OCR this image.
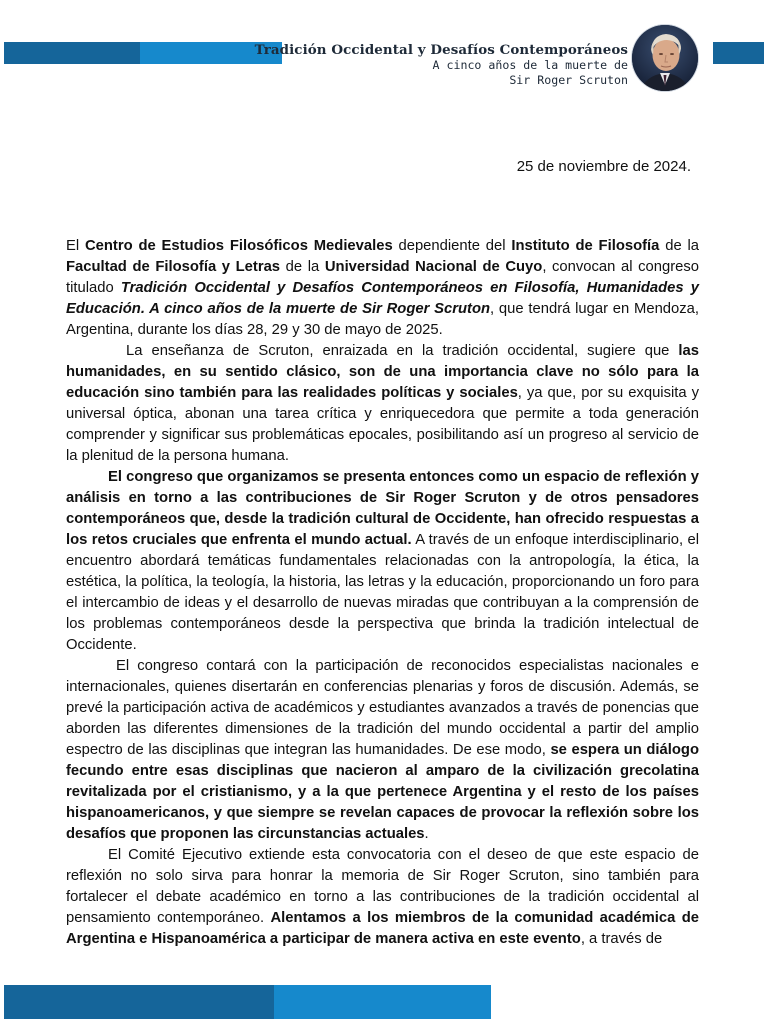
Tradición Occidental y Desafíos Contemporáneos
A cinco años de la muerte de
Sir Roger Scruton
25 de noviembre de 2024.

El Centro de Estudios Filosóficos Medievales dependiente del Instituto de Filosofía de la Facultad de Filosofía y Letras de la Universidad Nacional de Cuyo, convocan al congreso titulado Tradición Occidental y Desafíos Contemporáneos en Filosofía, Humanidades y Educación. A cinco años de la muerte de Sir Roger Scruton, que tendrá lugar en Mendoza, Argentina, durante los días 28, 29 y 30 de mayo de 2025.

La enseñanza de Scruton, enraizada en la tradición occidental, sugiere que las humanidades, en su sentido clásico, son de una importancia clave no sólo para la educación sino también para las realidades políticas y sociales, ya que, por su exquisita y universal óptica, abonan una tarea crítica y enriquecedora que permite a toda generación comprender y significar sus problemáticas epocales, posibilitando así un progreso al servicio de la plenitud de la persona humana.

El congreso que organizamos se presenta entonces como un espacio de reflexión y análisis en torno a las contribuciones de Sir Roger Scruton y de otros pensadores contemporáneos que, desde la tradición cultural de Occidente, han ofrecido respuestas a los retos cruciales que enfrenta el mundo actual. A través de un enfoque interdisciplinario, el encuentro abordará temáticas fundamentales relacionadas con la antropología, la ética, la estética, la política, la teología, la historia, las letras y la educación, proporcionando un foro para el intercambio de ideas y el desarrollo de nuevas miradas que contribuyan a la comprensión de los problemas contemporáneos desde la perspectiva que brinda la tradición intelectual de Occidente.

El congreso contará con la participación de reconocidos especialistas nacionales e internacionales, quienes disertarán en conferencias plenarias y foros de discusión. Además, se prevé la participación activa de académicos y estudiantes avanzados a través de ponencias que aborden las diferentes dimensiones de la tradición del mundo occidental a partir del amplio espectro de las disciplinas que integran las humanidades. De ese modo, se espera un diálogo fecundo entre esas disciplinas que nacieron al amparo de la civilización grecolatina revitalizada por el cristianismo, y a la que pertenece Argentina y el resto de los países hispanoamericanos, y que siempre se revelan capaces de provocar la reflexión sobre los desafíos que proponen las circunstancias actuales.

El Comité Ejecutivo extiende esta convocatoria con el deseo de que este espacio de reflexión no solo sirva para honrar la memoria de Sir Roger Scruton, sino también para fortalecer el debate académico en torno a las contribuciones de la tradición occidental al pensamiento contemporáneo. Alentamos a los miembros de la comunidad académica de Argentina e Hispanoamérica a participar de manera activa en este evento, a través de
